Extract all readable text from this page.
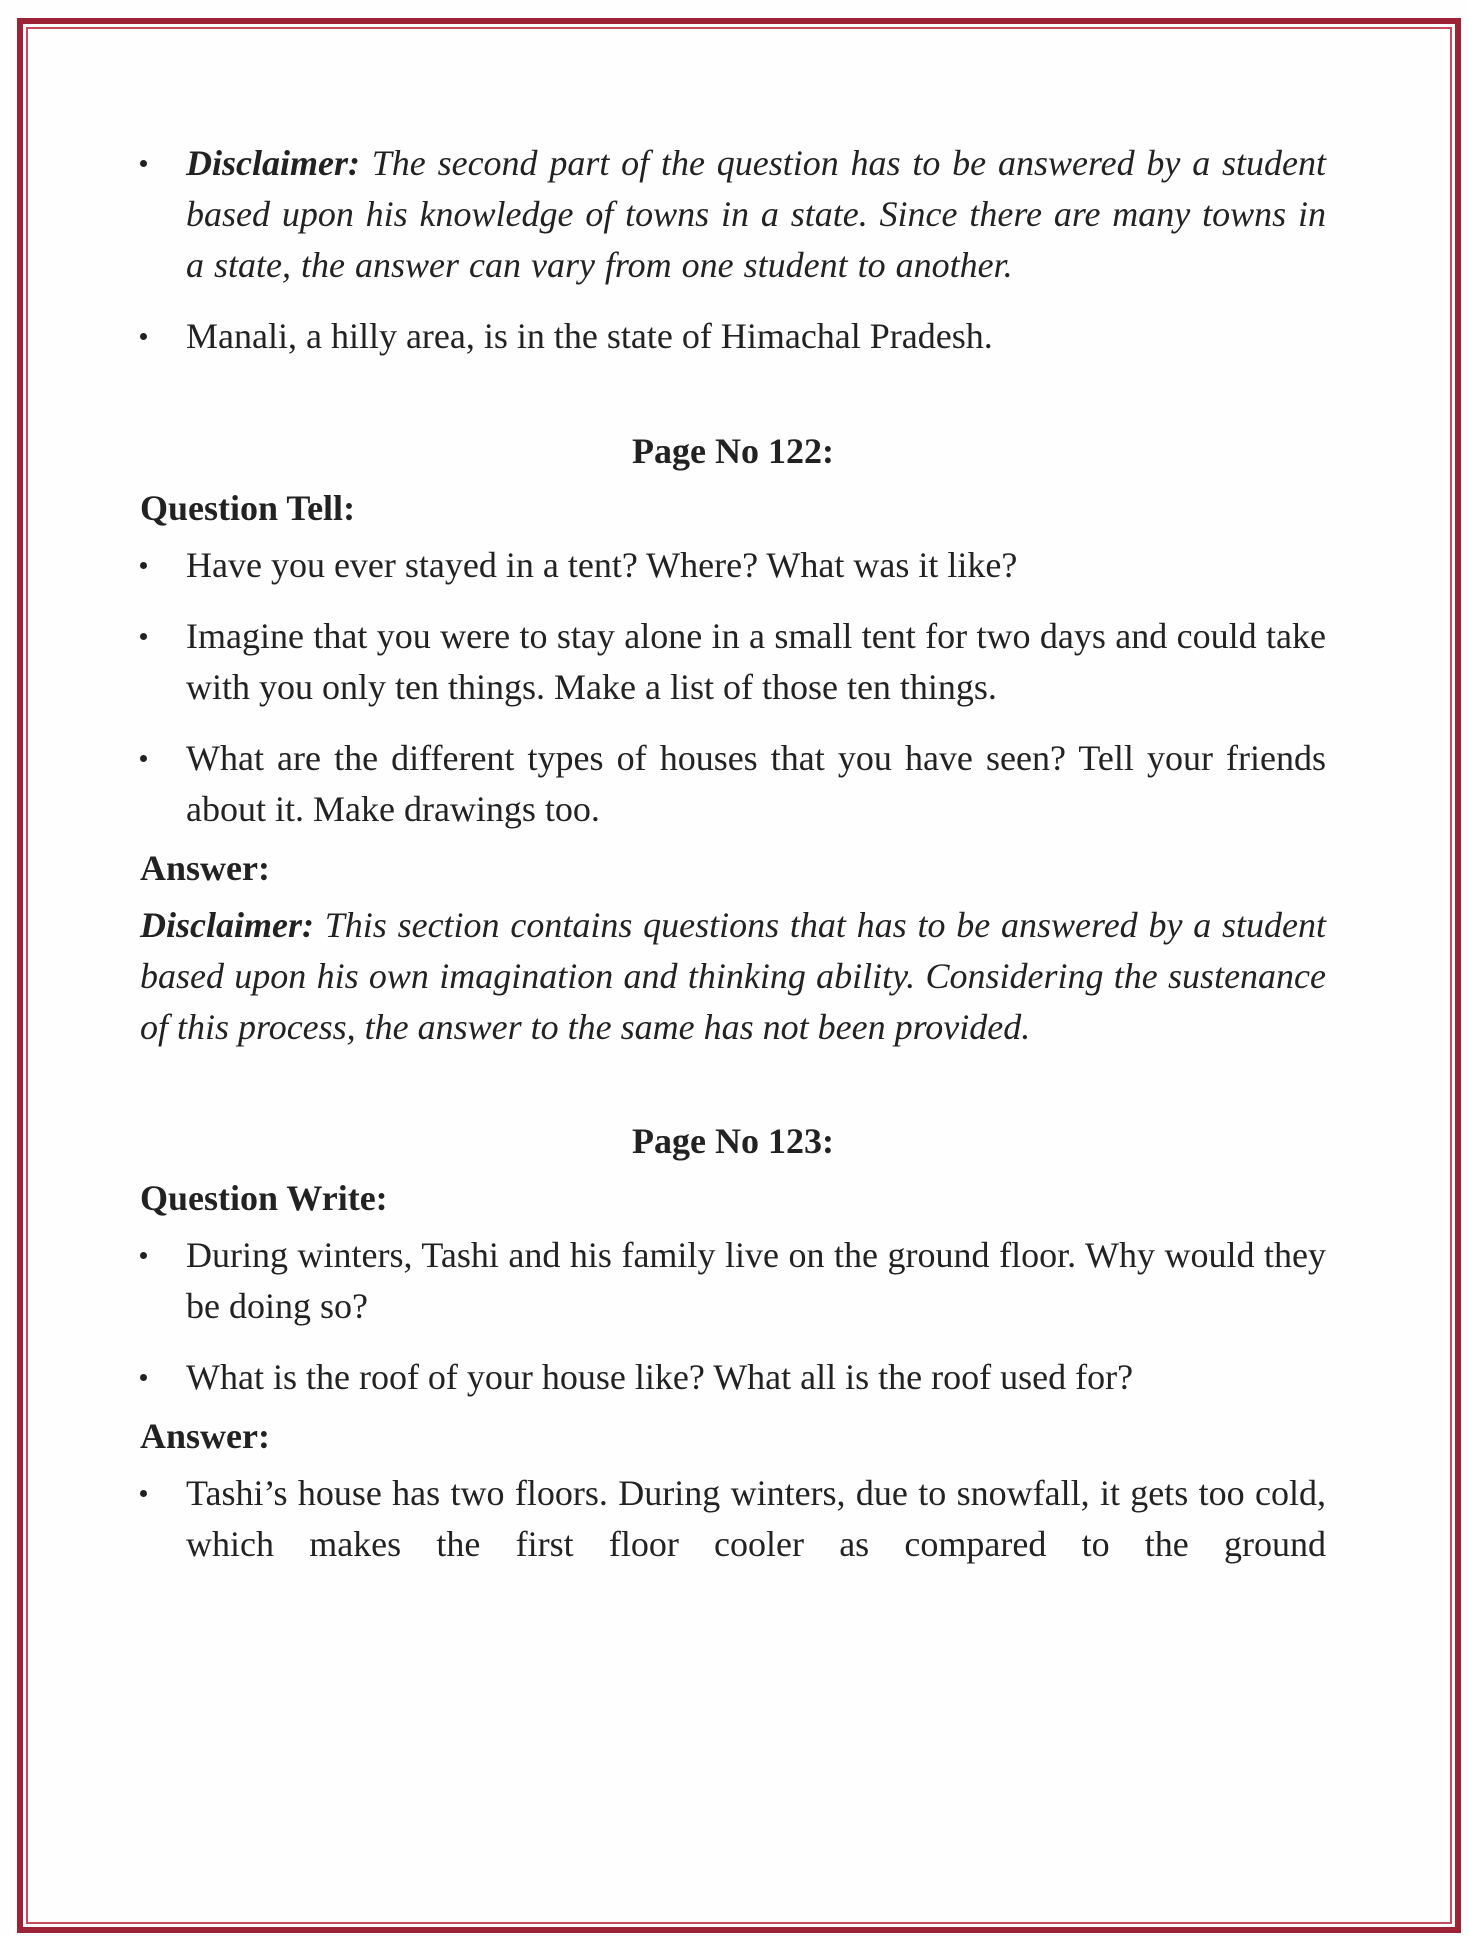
Disclaimer: The second part of the question has to be answered by a student based upon his knowledge of towns in a state. Since there are many towns in a state, the answer can vary from one student to another.
Manali, a hilly area, is in the state of Himachal Pradesh.
Page No 122:
Question Tell:
Have you ever stayed in a tent? Where? What was it like?
Imagine that you were to stay alone in a small tent for two days and could take with you only ten things. Make a list of those ten things.
What are the different types of houses that you have seen? Tell your friends about it. Make drawings too.
Answer:
Disclaimer: This section contains questions that has to be answered by a student based upon his own imagination and thinking ability. Considering the sustenance of this process, the answer to the same has not been provided.
Page No 123:
Question Write:
During winters, Tashi and his family live on the ground floor. Why would they be doing so?
What is the roof of your house like? What all is the roof used for?
Answer:
Tashi’s house has two floors. During winters, due to snowfall, it gets too cold, which makes the first floor cooler as compared to the ground
